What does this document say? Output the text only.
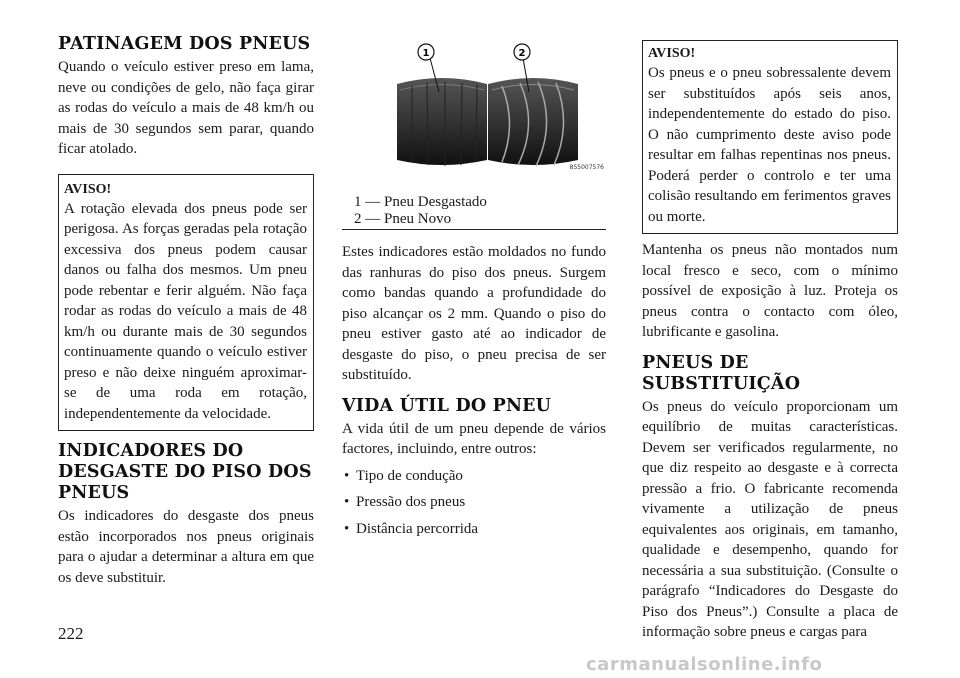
PATINAGEM DOS PNEUS
Quando o veículo estiver preso em lama, neve ou condições de gelo, não faça girar as rodas do veículo a mais de 48 km/h ou mais de 30 segundos sem parar, quando ficar atolado.
AVISO!
A rotação elevada dos pneus pode ser perigosa. As forças geradas pela rotação excessiva dos pneus podem causar danos ou falha dos mesmos. Um pneu pode rebentar e ferir alguém. Não faça rodar as rodas do veículo a mais de 48 km/h ou durante mais de 30 segundos continuamente quando o veículo estiver preso e não deixe ninguém aproximar-se de uma roda em rotação, independentemente da velocidade.
INDICADORES DO DESGASTE DO PISO DOS PNEUS
Os indicadores do desgaste dos pneus estão incorporados nos pneus originais para o ajudar a determinar a altura em que os deve substituir.
1	2
855007576
1 — Pneu Desgastado
2 — Pneu Novo
Estes indicadores estão moldados no fundo das ranhuras do piso dos pneus. Surgem como bandas quando a profundidade do piso alcançar os 2 mm. Quando o piso do pneu estiver gasto até ao indicador de desgaste do piso, o pneu precisa de ser substituído.
VIDA ÚTIL DO PNEU
A vida útil de um pneu depende de vários factores, incluindo, entre outros:
• Tipo de condução
• Pressão dos pneus
• Distância percorrida
AVISO!
Os pneus e o pneu sobressalente devem ser substituídos após seis anos, independentemente do estado do piso. O não cumprimento deste aviso pode resultar em falhas repentinas nos pneus. Poderá perder o controlo e ter uma colisão resultando em ferimentos graves ou morte.
Mantenha os pneus não montados num local fresco e seco, com o mínimo possível de exposição à luz. Proteja os pneus contra o contacto com óleo, lubrificante e gasolina.
PNEUS DE SUBSTITUIÇÃO
Os pneus do veículo proporcionam um equilíbrio de muitas características. Devem ser verificados regularmente, no que diz respeito ao desgaste e à correcta pressão a frio. O fabricante recomenda vivamente a utilização de pneus equivalentes aos originais, em tamanho, qualidade e desempenho, quando for necessária a sua substituição. (Consulte o parágrafo “Indicadores do Desgaste do Piso dos Pneus”.) Consulte a placa de informação sobre pneus e cargas para
222
carmanualsonline.info
